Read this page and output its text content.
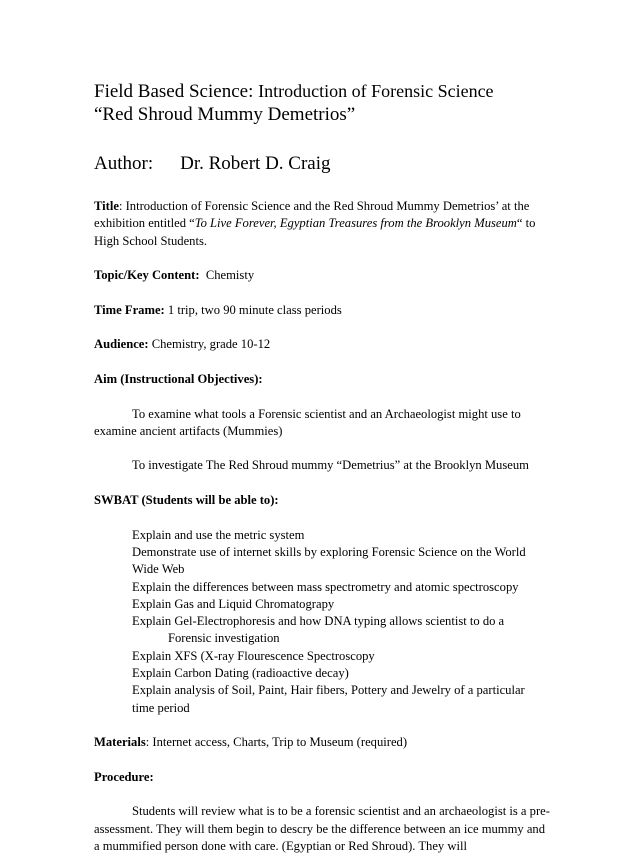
Field Based Science: Introduction of Forensic Science
“Red Shroud Mummy Demetrios”
Author: Dr. Robert D. Craig

Title: Introduction of Forensic Science and the Red Shroud Mummy Demetrios’ at the exhibition entitled “To Live Forever, Egyptian Treasures from the Brooklyn Museum“ to High School Students.

Topic/Key Content: Chemisty

Time Frame: 1 trip, two 90 minute class periods

Audience: Chemistry, grade 10-12

Aim (Instructional Objectives):

To examine what tools a Forensic scientist and an Archaeologist might use to examine ancient artifacts (Mummies)

To investigate The Red Shroud mummy “Demetrius” at the Brooklyn Museum

SWBAT (Students will be able to):

Explain and use the metric system

Demonstrate use of internet skills by exploring Forensic Science on the World Wide Web

Explain the differences between mass spectrometry and atomic spectroscopy

Explain Gas and Liquid Chromatograpy

Explain Gel-Electrophoresis and how DNA typing allows scientist to do a

Forensic investigation

Explain XFS (X-ray Flourescence Spectroscopy

Explain Carbon Dating (radioactive decay)

Explain analysis of Soil, Paint, Hair fibers, Pottery and Jewelry of a particular time period

Materials: Internet access, Charts, Trip to Museum (required)

Procedure:

Students will review what is to be a forensic scientist and an archaeologist is a pre-assessment. They will them begin to descry be the difference between an ice mummy and a mummified person done with care. (Egyptian or Red Shroud). They will
